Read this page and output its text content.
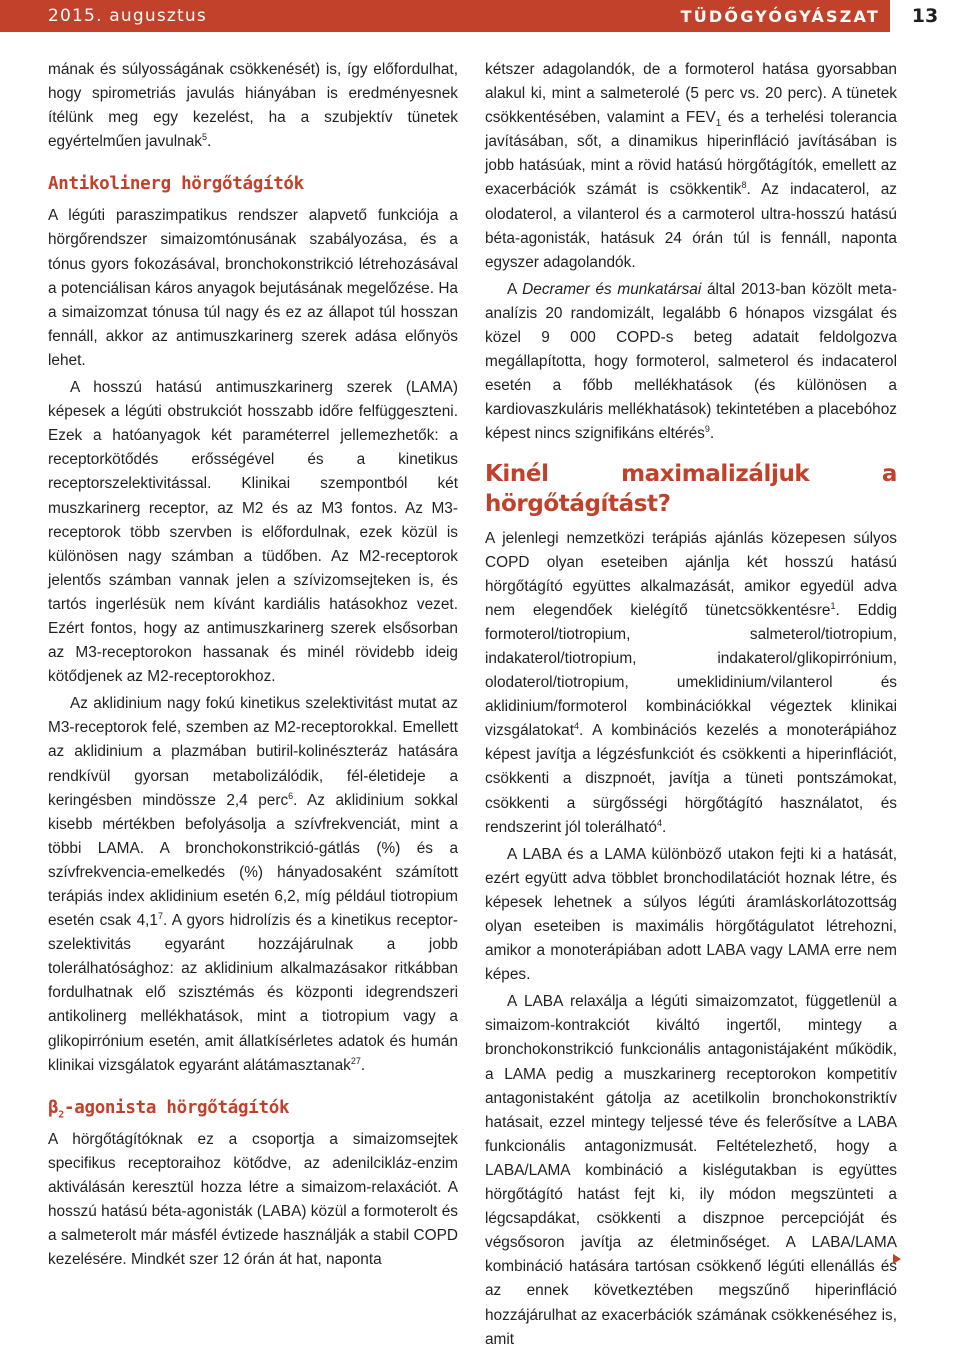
2015. augusztus	TÜDŐGYÓGYÁSZAT	13

mának és súlyosságának csökkenését) is, így előfordulhat, hogy spirometriás javulás hiányában is eredményesnek ítélünk meg egy kezelést, ha a szubjektív tünetek egyértelműen javulnak$^5$.

Antikolinerg hörgőtágítók

A légúti paraszimpatikus rendszer alapvető funkciója a hörgőrendszer simaizomtónusának szabályozása, és a tónus gyors fokozásával, bronchokonstrikció létrehozásával a potenciálisan káros anyagok bejutásának megelőzése. Ha a simaizomzat tónusa túl nagy és ez az állapot túl hosszan fennáll, akkor az antimuszkarinerg szerek adása előnyös lehet.

A hosszú hatású antimuszkarinerg szerek (LAMA) képesek a légúti obstrukciót hosszabb időre felfüggeszteni. Ezek a hatóanyagok két paraméterrel jellemezhetők: a receptorkötődés erősségével és a kinetikus receptorszelektivitással. Klinikai szempontból két muszkarinerg receptor, az M2 és az M3 fontos. Az M3-receptorok több szervben is előfordulnak, ezek közül is különösen nagy számban a tüdőben. Az M2-receptorok jelentős számban vannak jelen a szívizomsejteken is, és tartós ingerlésük nem kívánt kardiális hatásokhoz vezet. Ezért fontos, hogy az antimuszkarinerg szerek elsősorban az M3-receptorokon hassanak és minél rövidebb ideig kötődjenek az M2-receptorokhoz.

Az aklidinium nagy fokú kinetikus szelektivitást mutat az M3-receptorok felé, szemben az M2-receptorokkal. Emellett az aklidinium a plazmában butiril-kolinészteráz hatására rendkívül gyorsan metabolizálódik, fél-életideje a keringésben mindössze 2,4 perc$^6$. Az aklidinium sokkal kisebb mértékben befolyásolja a szívfrekvenciát, mint a többi LAMA. A bronchokonstrikció-gátlás (%) és a szívfrekvencia-emelkedés (%) hányadosaként számított terápiás index aklidinium esetén 6,2, míg például tiotropium esetén csak $4,1^7$. A gyors hidrolízis és a kinetikus receptor-szelektivitás egyaránt hozzájárulnak a jobb tolerálhatósághoz: az aklidinium alkalmazásakor ritkábban fordulhatnak elő szisztémás és központi idegrendszeri antikolinerg mellékhatások, mint a tiotropium vagy a glikopirrónium esetén, amit állatkísérletes adatok és humán klinikai vizsgálatok egyaránt alátámasztanak$^{27}$.

$\beta_2$-agonista hörgőtágítók

A hörgőtágítóknak ez a csoportja a simaizomsejtek specifikus receptoraihoz kötődve, az adenilcikláz-enzim aktiválásán keresztül hozza létre a simaizom-relaxációt. A hosszú hatású béta-agonisták (LABA) közül a formoterolt és a salmeterolt már másfél évtizede használják a stabil COPD kezelésére. Mindkét szer 12 órán át hat, naponta

kétszer adagolandók, de a formoterol hatása gyorsabban alakul ki, mint a salmeterolé (5 perc vs. 20 perc). A tünetek csökkentésében, valamint a $FEV_1$ és a terhelési tolerancia javításában, sőt, a dinamikus hiperinfláció javításában is jobb hatásúak, mint a rövid hatású hörgőtágítók, emellett az exacerbációk számát is csökkentik$^8$. Az indacaterol, az olodaterol, a vilanterol és a carmoterol ultra-hosszú hatású béta-agonisták, hatásuk 24 órán túl is fennáll, naponta egyszer adagolandók.

A Decramer és munkatársai által 2013-ban közölt meta-analízis 20 randomizált, legalább 6 hónapos vizsgálat és közel 9 000 COPD-s beteg adatait feldolgozva megállapította, hogy formoterol, salmeterol és indacaterol esetén a főbb mellékhatások (és különösen a kardiovaszkuláris mellékhatások) tekintetében a placebóhoz képest nincs szignifikáns eltérés$^9$.

Kinél maximalizáljuk a hörgőtágítást?

A jelenlegi nemzetközi terápiás ajánlás közepesen súlyos COPD olyan eseteiben ajánlja két hosszú hatású hörgőtágító együttes alkalmazását, amikor egyedül adva nem elegendőek kielégítő tünetcsökkentésre$^1$. Eddig formoterol/tiotropium, salmeterol/tiotropium, indakaterol/tiotropium, indakaterol/glikopirrónium, olodaterol/tiotropium, umeklidinium/vilanterol és aklidinium/formoterol kombinációkkal végeztek klinikai vizsgálatokat$^4$. A kombinációs kezelés a monoterápiához képest javítja a légzésfunkciót és csökkenti a hiperinflációt, csökkenti a diszpnoét, javítja a tüneti pontszámokat, csökkenti a sürgősségi hörgőtágító használatot, és rendszerint jól tolerálható$^4$.

A LABA és a LAMA különböző utakon fejti ki a hatását, ezért együtt adva többlet bronchodilatációt hoznak létre, és képesek lehetnek a súlyos légúti áramláskorlátozottság olyan eseteiben is maximális hörgőtágulatot létrehozni, amikor a monoterápiában adott LABA vagy LAMA erre nem képes.

A LABA relaxálja a légúti simaizomzatot, függetlenül a simaizom-kontrakciót kiváltó ingertől, mintegy a bronchokonstrikció funkcionális antagonistájaként működik, a LAMA pedig a muszkarinerg receptorokon kompetitív antagonistaként gátolja az acetilkolin bronchokonstriktív hatásait, ezzel mintegy teljessé téve és felerősítve a LABA funkcionális antagonizmusát. Feltételezhető, hogy a LABA/LAMA kombináció a kislégutakban is együttes hörgőtágító hatást fejt ki, ily módon megszünteti a légcsapdákat, csökkenti a diszpnoe percepcióját és végsősoron javítja az életminőséget. A LABA/LAMA kombináció hatására tartósan csökkenő légúti ellenállás és az ennek következtében megszűnő hiperinfláció hozzájárulhat az exacerbációk számának csökkenéséhez is, amit
